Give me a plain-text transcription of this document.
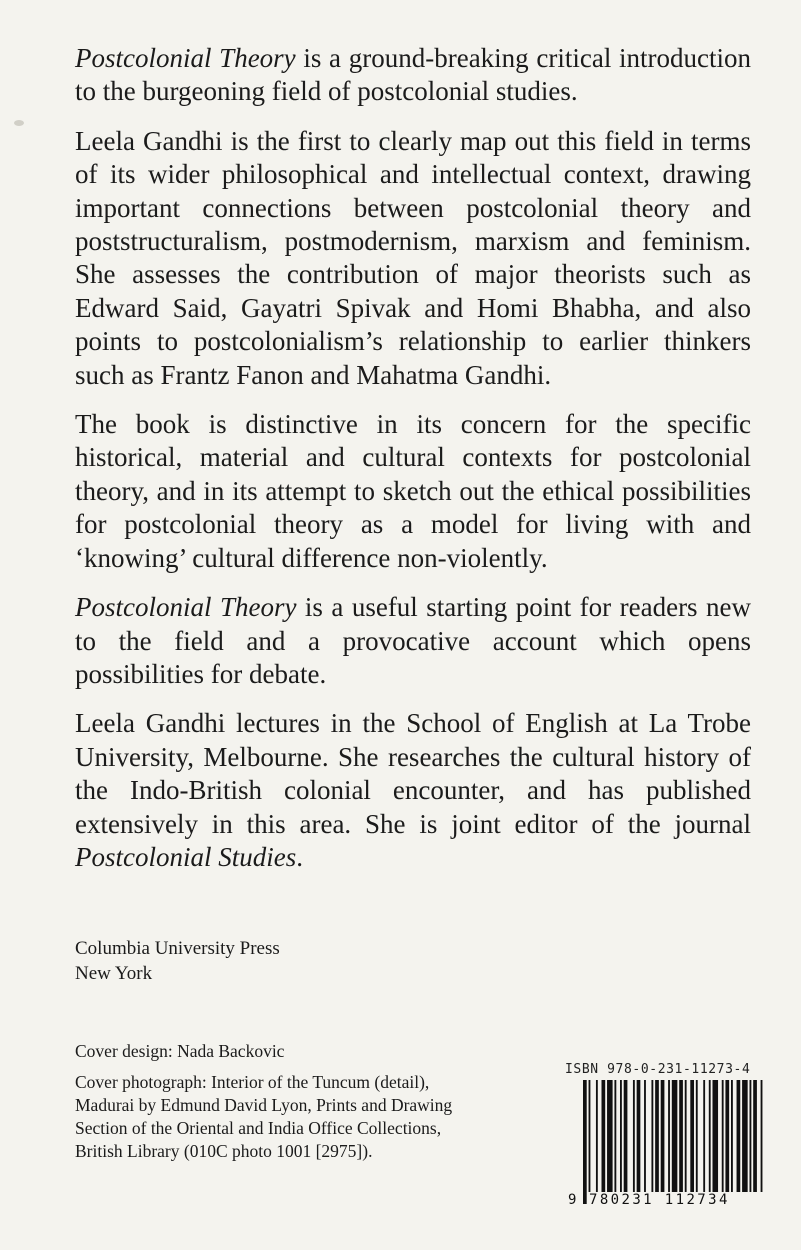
Postcolonial Theory is a ground-breaking critical introduction to the burgeoning field of postcolonial studies.

Leela Gandhi is the first to clearly map out this field in terms of its wider philosophical and intellectual context, drawing important connections between postcolonial theory and poststructuralism, postmodernism, marxism and feminism. She assesses the contribution of major theorists such as Edward Said, Gayatri Spivak and Homi Bhabha, and also points to postcolonialism’s relationship to earlier thinkers such as Frantz Fanon and Mahatma Gandhi.

The book is distinctive in its concern for the specific historical, material and cultural contexts for postcolonial theory, and in its attempt to sketch out the ethical possibilities for postcolonial theory as a model for living with and ‘knowing’ cultural difference non-violently.

Postcolonial Theory is a useful starting point for readers new to the field and a provocative account which opens possibilities for debate.

Leela Gandhi lectures in the School of English at La Trobe University, Melbourne. She researches the cultural history of the Indo-British colonial encounter, and has published extensively in this area. She is joint editor of the journal Postcolonial Studies.

Columbia University Press
New York

Cover design: Nada Backovic

Cover photograph: Interior of the Tuncum (detail), Madurai by Edmund David Lyon, Prints and Drawing Section of the Oriental and India Office Collections, British Library (010C photo 1001 [2975]).

ISBN 978-0-231-11273-4
9 780231 112734
